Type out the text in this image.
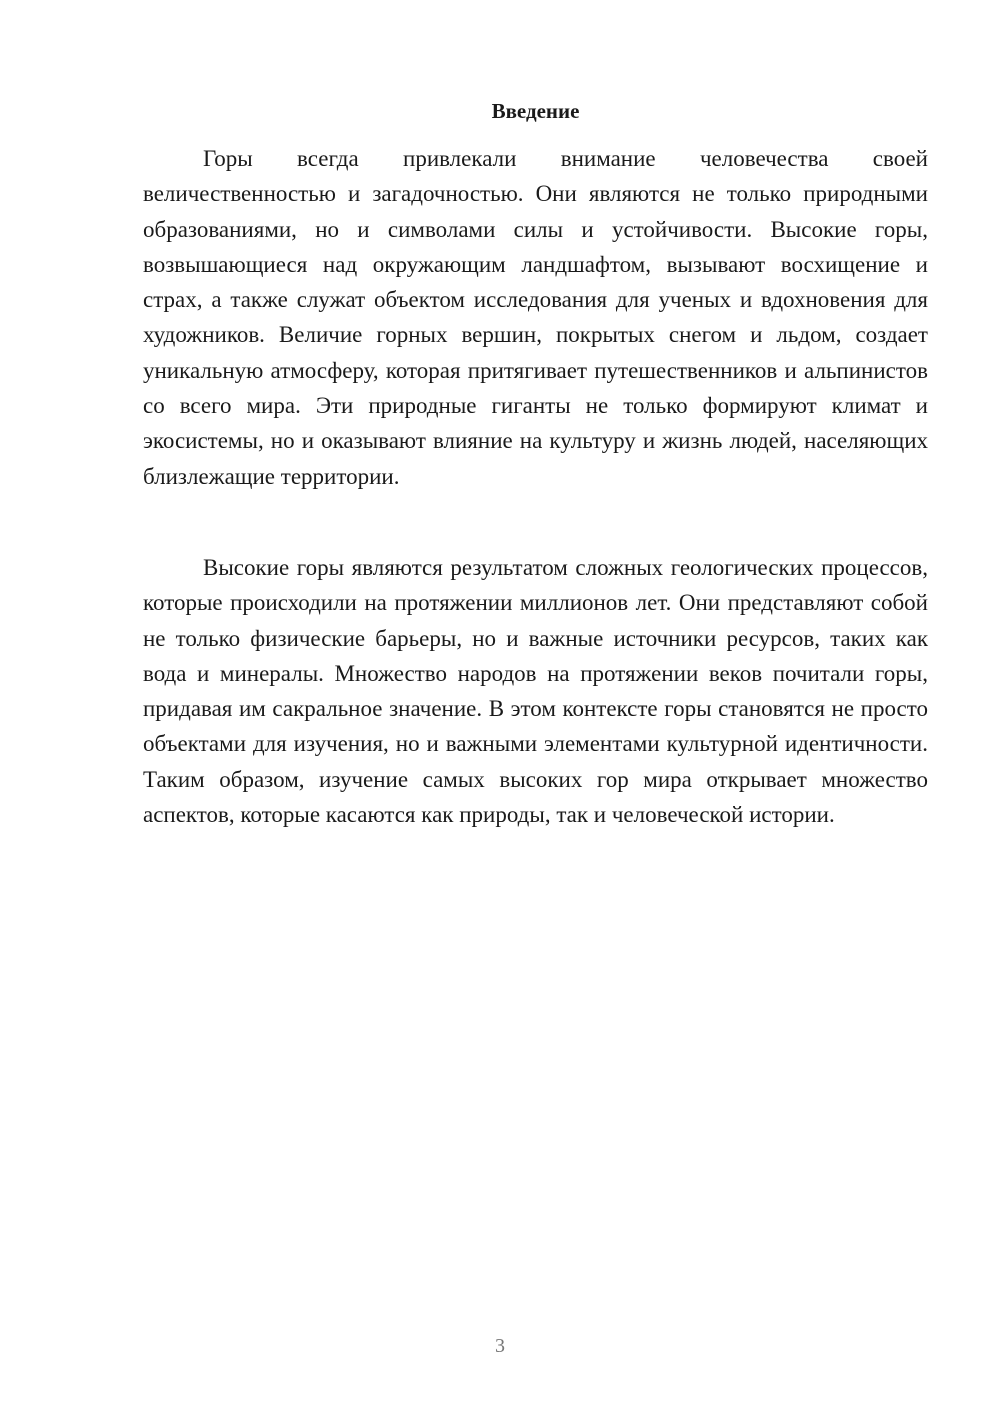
Введение

Горы всегда привлекали внимание человечества своей величественностью и загадочностью. Они являются не только природными образованиями, но и символами силы и устойчивости. Высокие горы, возвышающиеся над окружающим ландшафтом, вызывают восхищение и страх, а также служат объектом исследования для ученых и вдохновения для художников. Величие горных вершин, покрытых снегом и льдом, создает уникальную атмосферу, которая притягивает путешественников и альпинистов со всего мира. Эти природные гиганты не только формируют климат и экосистемы, но и оказывают влияние на культуру и жизнь людей, населяющих близлежащие территории.

Высокие горы являются результатом сложных геологических процессов, которые происходили на протяжении миллионов лет. Они представляют собой не только физические барьеры, но и важные источники ресурсов, таких как вода и минералы. Множество народов на протяжении веков почитали горы, придавая им сакральное значение. В этом контексте горы становятся не просто объектами для изучения, но и важными элементами культурной идентичности. Таким образом, изучение самых высоких гор мира открывает множество аспектов, которые касаются как природы, так и человеческой истории.

3
